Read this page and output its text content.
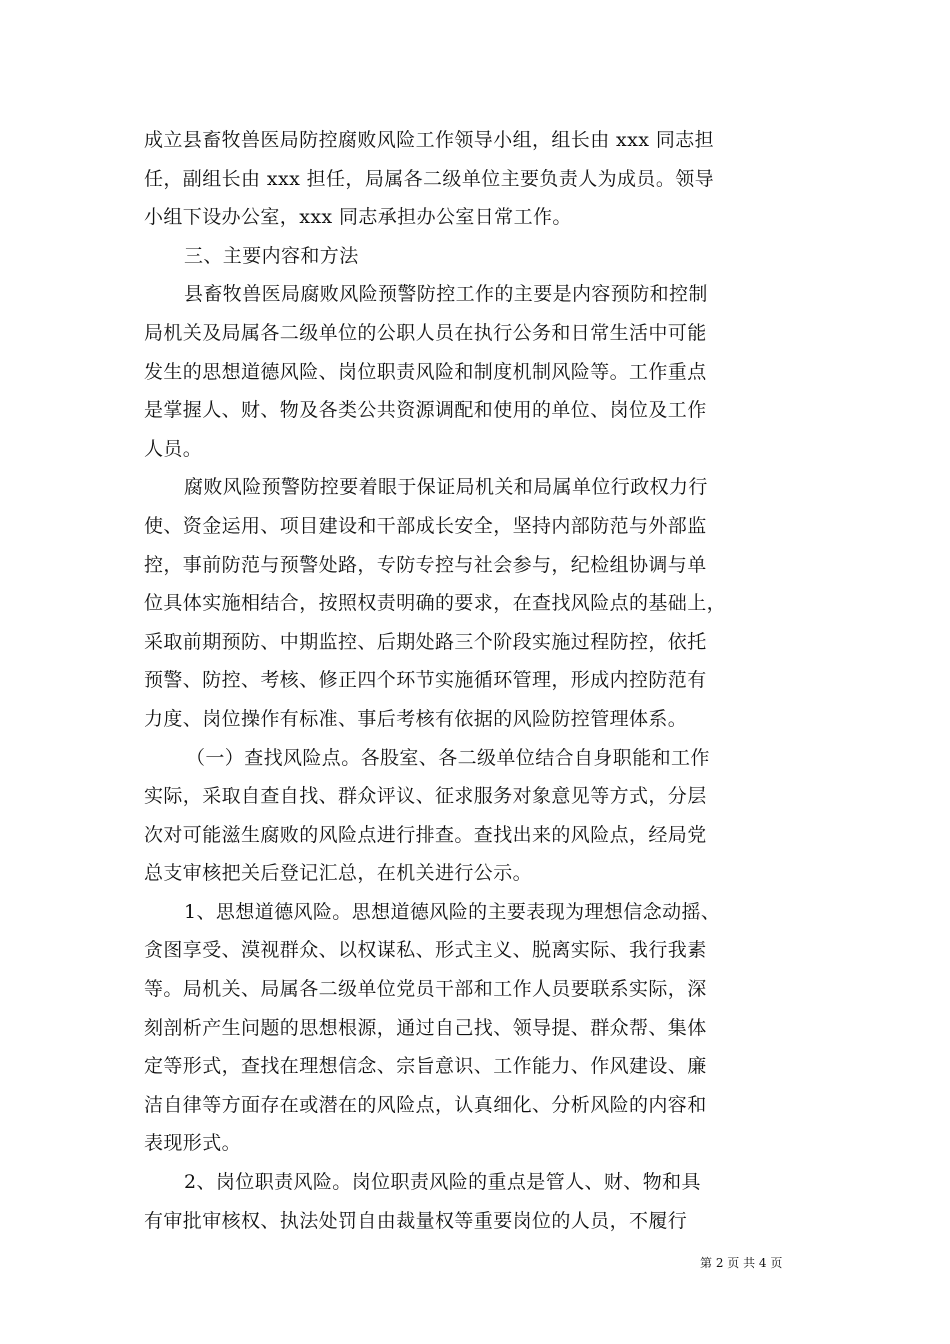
成立县畜牧兽医局防控腐败风险工作领导小组，组长由 xxx 同志担
任，副组长由 xxx 担任，局属各二级单位主要负责人为成员。领导
小组下设办公室，xxx 同志承担办公室日常工作。

三、主要内容和方法

县畜牧兽医局腐败风险预警防控工作的主要是内容预防和控制
局机关及局属各二级单位的公职人员在执行公务和日常生活中可能
发生的思想道德风险、岗位职责风险和制度机制风险等。工作重点
是掌握人、财、物及各类公共资源调配和使用的单位、岗位及工作
人员。

腐败风险预警防控要着眼于保证局机关和局属单位行政权力行
使、资金运用、项目建设和干部成长安全，坚持内部防范与外部监
控，事前防范与预警处路，专防专控与社会参与，纪检组协调与单
位具体实施相结合，按照权责明确的要求，在查找风险点的基础上，
采取前期预防、中期监控、后期处路三个阶段实施过程防控，依托
预警、防控、考核、修正四个环节实施循环管理，形成内控防范有
力度、岗位操作有标准、事后考核有依据的风险防控管理体系。

（一）查找风险点。各股室、各二级单位结合自身职能和工作
实际，采取自查自找、群众评议、征求服务对象意见等方式，分层
次对可能滋生腐败的风险点进行排查。查找出来的风险点，经局党
总支审核把关后登记汇总，在机关进行公示。

1、思想道德风险。思想道德风险的主要表现为理想信念动摇、
贪图享受、漠视群众、以权谋私、形式主义、脱离实际、我行我素
等。局机关、局属各二级单位党员干部和工作人员要联系实际，深
刻剖析产生问题的思想根源，通过自己找、领导提、群众帮、集体
定等形式，查找在理想信念、宗旨意识、工作能力、作风建设、廉
洁自律等方面存在或潜在的风险点，认真细化、分析风险的内容和
表现形式。

2、岗位职责风险。岗位职责风险的重点是管人、财、物和具
有审批审核权、执法处罚自由裁量权等重要岗位的人员，不履行

第 2 页 共 4 页
